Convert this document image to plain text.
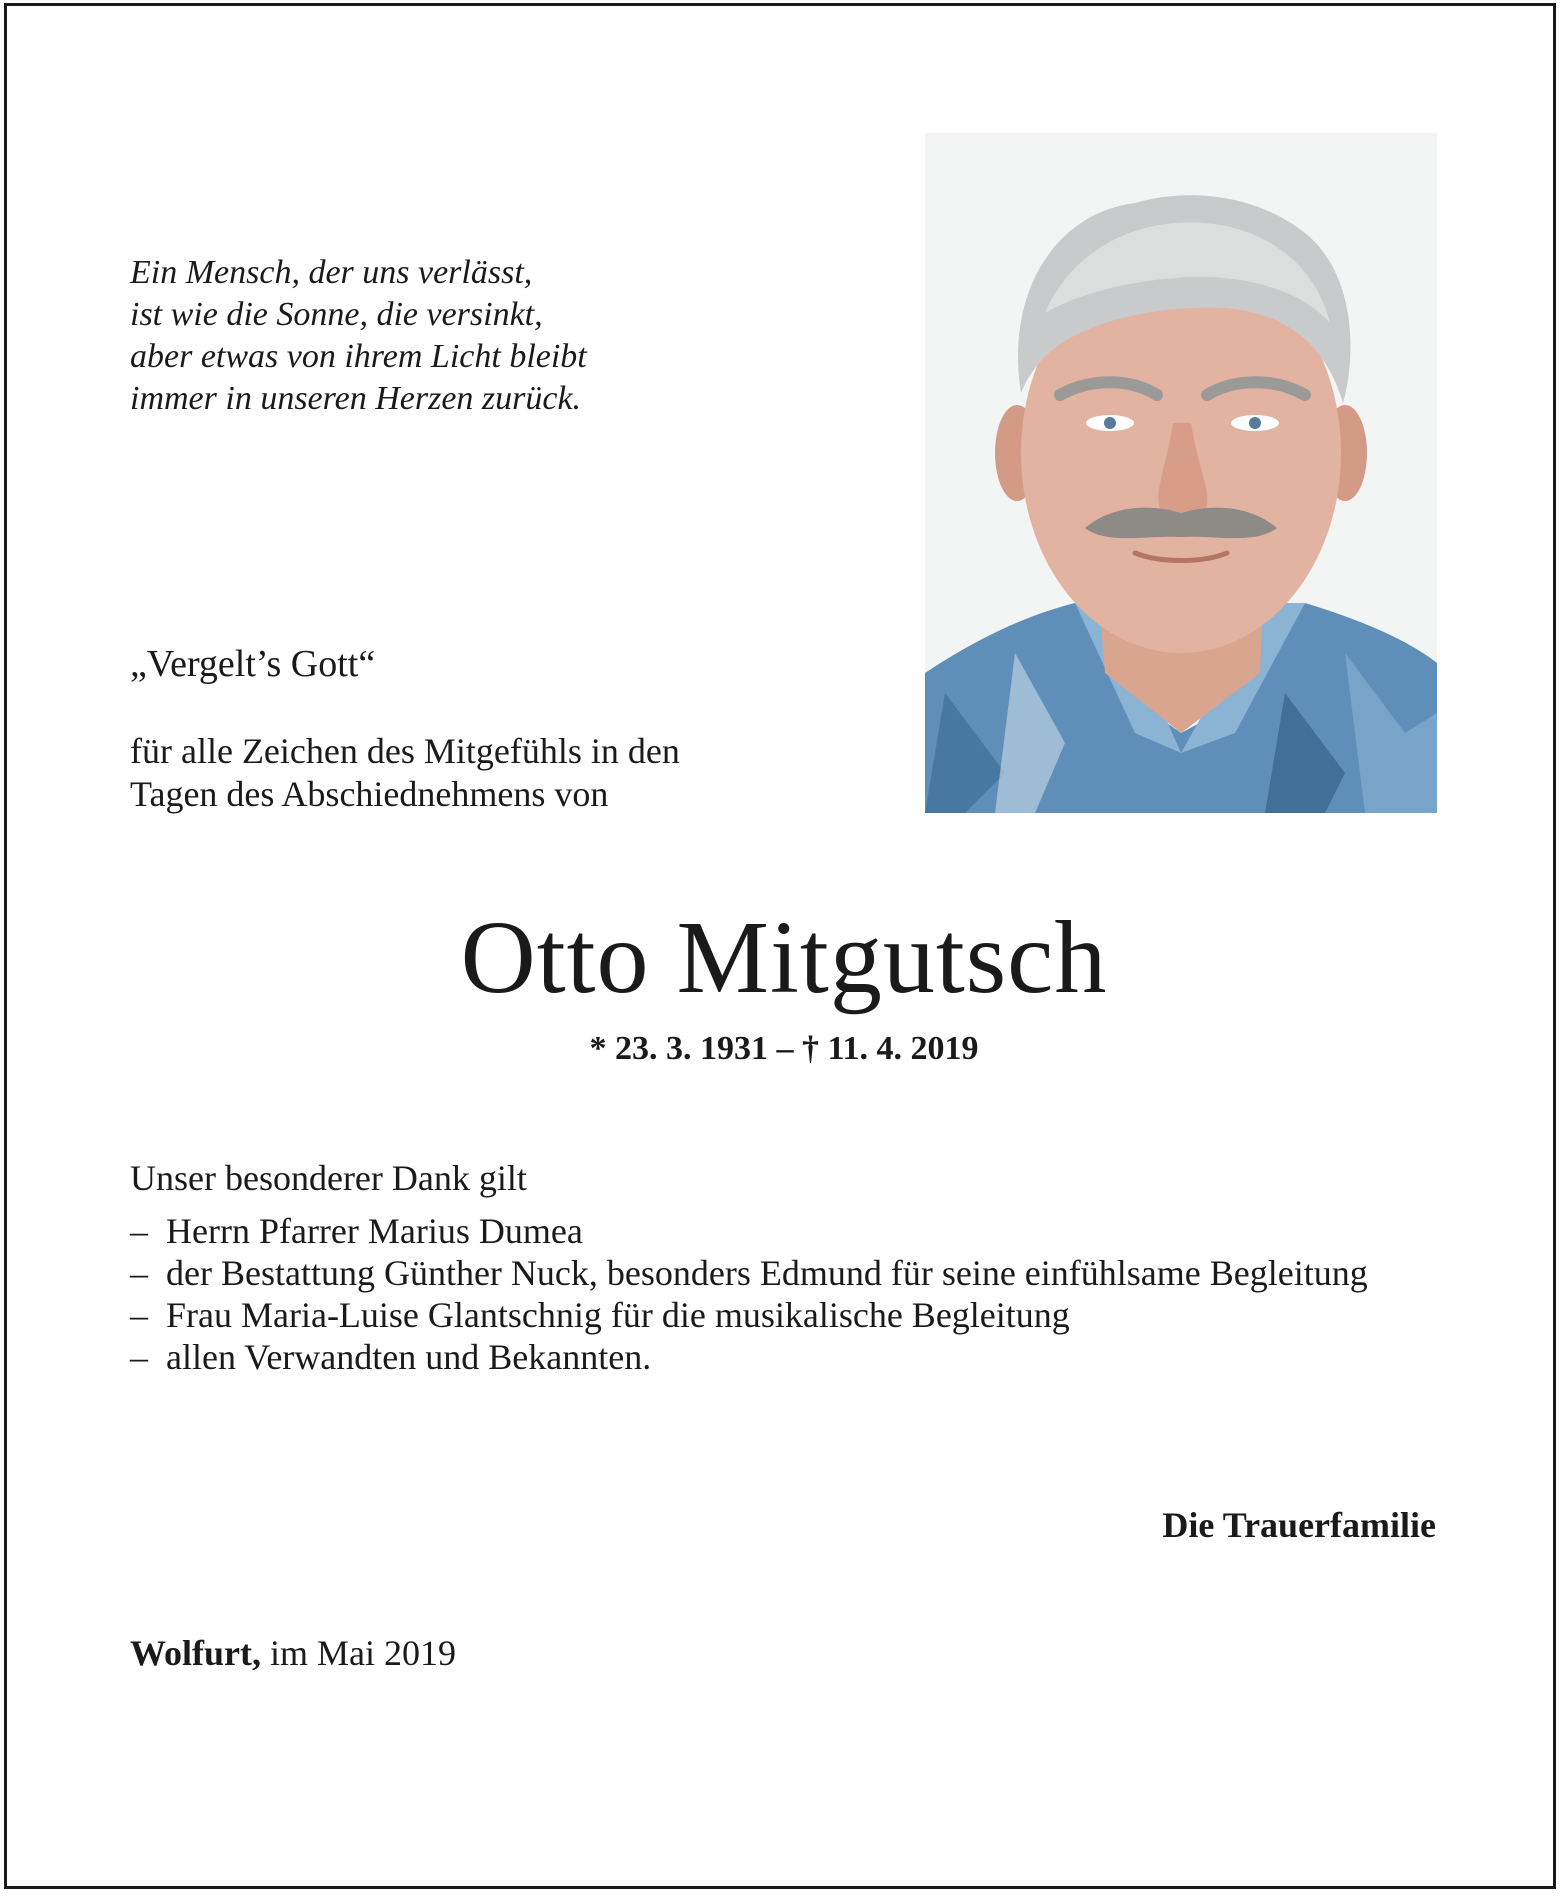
Ein Mensch, der uns verlässt,
ist wie die Sonne, die versinkt,
aber etwas von ihrem Licht bleibt
immer in unseren Herzen zurück.
„Vergelt’s Gott“
für alle Zeichen des Mitgefühls in den
Tagen des Abschiednehmens von
Otto Mitgutsch
* 23. 3. 1931 – † 11. 4. 2019
Unser besonderer Dank gilt
– Herrn Pfarrer Marius Dumea
– der Bestattung Günther Nuck, besonders Edmund für seine einfühlsame Begleitung
– Frau Maria-Luise Glantschnig für die musikalische Begleitung
– allen Verwandten und Bekannten.
Die Trauerfamilie
Wolfurt, im Mai 2019
